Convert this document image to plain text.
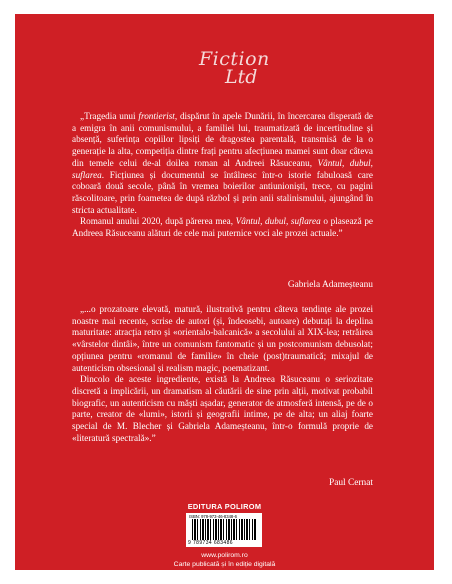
Fiction
Ltd

„Tragedia unui frontierist, dispărut în apele Dunării, în încercarea disperată de a emigra în anii comunismului, a familiei lui, traumatizată de incertitudine și absență, suferința copiilor lipsiți de dragostea parentală, transmisă de la o generație la alta, competiția dintre frați pentru afecțiunea mamei sunt doar câteva din temele celui de-al doilea roman al Andreei Răsuceanu, Vântul, dubul, suflarea. Ficțiunea și documentul se întâlnesc într-o istorie fabuloasă care coboară două secole, până în vremea boierilor antiunioniști, trece, cu pagini răscolitoare, prin foametea de după războI și prin anii stalinismului, ajungând în stricta actualitate.

Romanul anului 2020, după părerea mea, Vântul, dubul, suflarea o plasează pe Andreea Răsuceanu alături de cele mai puternice voci ale prozei actuale.”

Gabriela Adameșteanu

„...o prozatoare elevată, matură, ilustrativă pentru câteva tendințe ale prozei noastre mai recente, scrise de autori (și, îndeosebi, autoare) debutați la deplina maturitate: atracția retro și «orientalo-balcanică» a secolului al XIX-lea; retrăirea «vârstelor dintâi», între un comunism fantomatic și un postcomunism debusolat; opțiunea pentru «romanul de familie» în cheie (post)traumatică; mixajul de autenticism obsesional și realism magic, poematizant.

Dincolo de aceste ingrediente, există la Andreea Răsuceanu o seriozitate discretă a implicării, un dramatism al căutării de sine prin alții, motivat probabil biografic, un autenticism cu măști așadar, generator de atmosferă intensă, pe de o parte, creator de «lumi», istorii și geografii intime, pe de alta; un aliaj foarte special de M. Blecher și Gabriela Adameșteanu, într-o formulă proprie de «literatură spectrală».”

Paul Cernat
EDITURA POLIROM
ISBN: 978-973-46-8348-6
9 789734 683486
www.polirom.ro
Carte publicată și în ediție digitală
